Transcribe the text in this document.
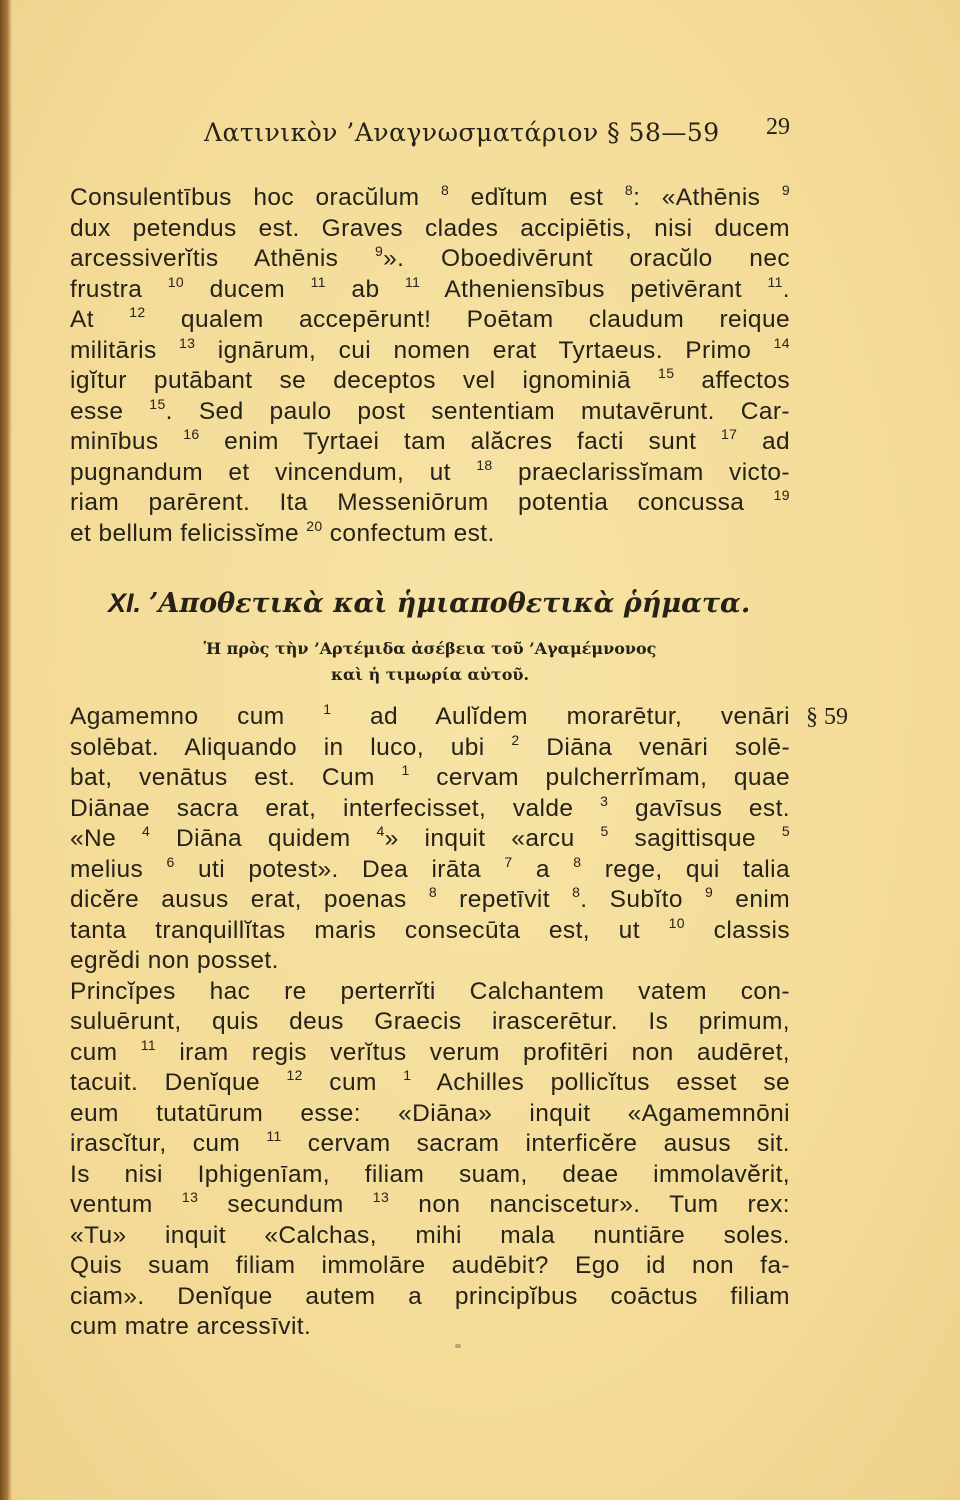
Λατινικὸν ’Αναγνωσματάριον § 58—59 29
Consulentībus hoc oracŭlum $^8$ edĭtum est $^8$: «Athēnis $^9$
dux petendus est. Graves clades accipiētis, nisi ducem
arcessiverĭtis Athēnis $^9$». Oboedivērunt oracŭlo nec
frustra $^{10}$ ducem $^{11}$ ab $^{11}$ Atheniensībus petivērant $^{11}$.
At $^{12}$ qualem accepērunt! Poētam claudum reique
militāris $^{13}$ ignārum, cui nomen erat Tyrtaeus. Primo $^{14}$
igĭtur putābant se deceptos vel ignominiā $^{15}$ affectos
esse $^{15}$. Sed paulo post sententiam mutavērunt. Car-
minībus $^{16}$ enim Tyrtaei tam alăcres facti sunt $^{17}$ ad
pugnandum et vincendum, ut $^{18}$ praeclarissĭmam victo-
riam parērent. Ita Messeniōrum potentia concussa $^{19}$
et bellum felicissĭme $^{20}$ confectum est.
XI. ’Αποθετικὰ καὶ ἡμιαποθετικὰ ῥήματα.
Ἡ πρὸς τὴν ’Αρτέμιδα ἀσέβεια τοῦ ’Αγαμέμνονος
καὶ ἡ τιμωρία αὐτοῦ.
§ 59
Agamemno cum $^1$ ad Aulĭdem morarētur, venāri
solēbat. Aliquando in luco, ubi $^2$ Diāna venāri solē-
bat, venātus est. Cum $^1$ cervam pulcherrĭmam, quae
Diānae sacra erat, interfecisset, valde $^3$ gavīsus est.
«Ne $^4$ Diāna quidem $^4$» inquit «arcu $^5$ sagittisque $^5$
melius $^6$ uti potest». Dea irāta $^7$ a $^8$ rege, qui talia
dicĕre ausus erat, poenas $^8$ repetīvit $^8$. Subĭto $^9$ enim
tanta tranquillĭtas maris consecūta est, ut $^{10}$ classis
egrĕdi non posset.
Princĭpes hac re perterrĭti Calchantem vatem con-
suluērunt, quis deus Graecis irascerētur. Is primum,
cum $^{11}$ iram regis verĭtus verum profitēri non audēret,
tacuit. Denĭque $^{12}$ cum $^1$ Achilles pollicĭtus esset se
eum tutatūrum esse: «Diāna» inquit «Agamemnōni
irascĭtur, cum $^{11}$ cervam sacram interficĕre ausus sit.
Is nisi Iphigenīam, filiam suam, deae immolavĕrit,
ventum $^{13}$ secundum $^{13}$ non nanciscetur». Tum rex:
«Tu» inquit «Calchas, mihi mala nuntiāre soles.
Quis suam filiam immolāre audēbit? Ego id non fa-
ciam». Denĭque autem a principĭbus coāctus filiam
cum matre arcessīvit.
